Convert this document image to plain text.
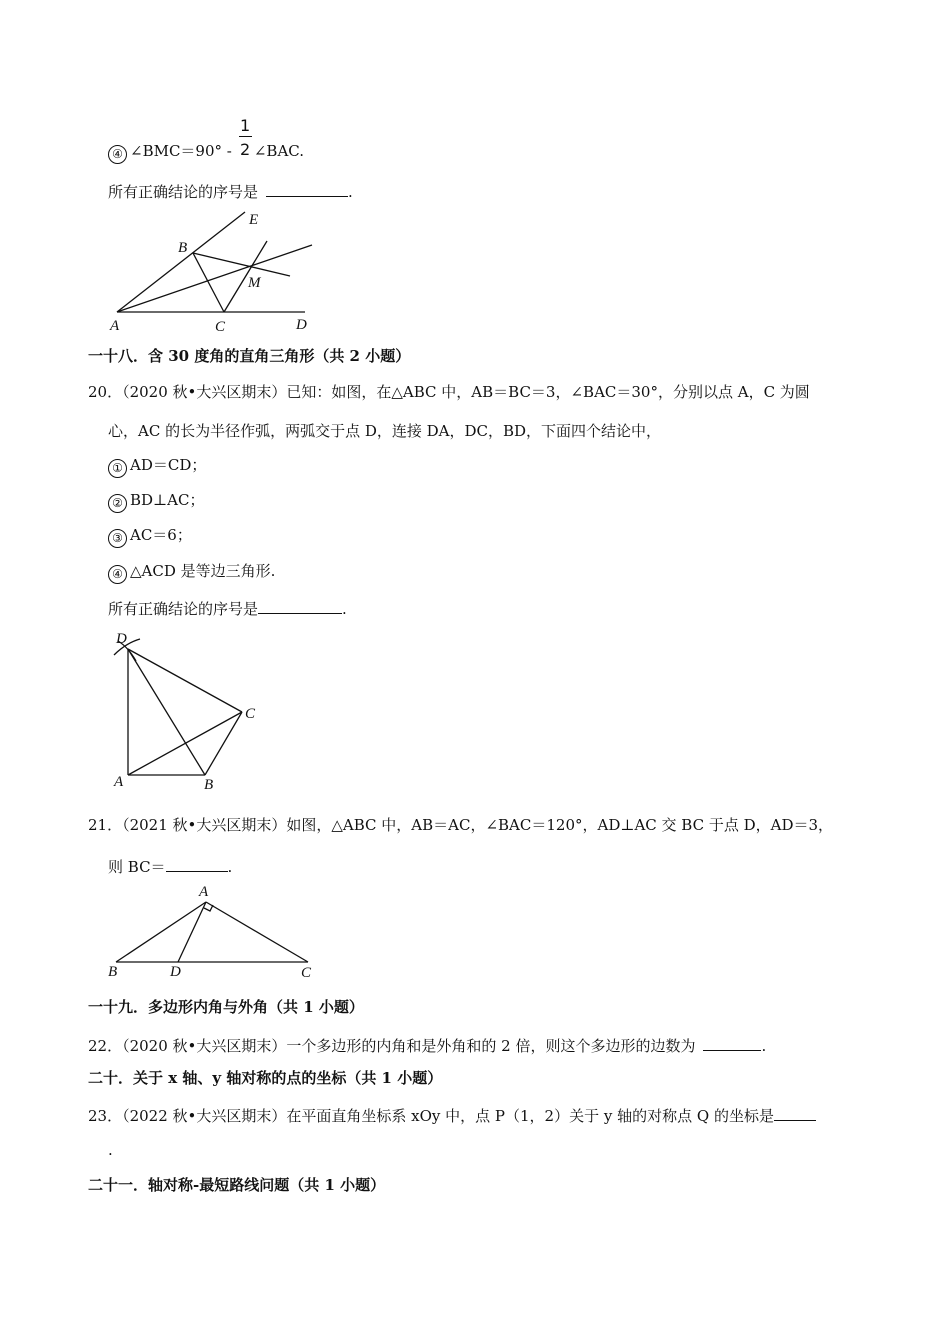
1
2
④ ∠BMC＝90° - ∠BAC.
所有正确结论的序号是	.
E
B
M
A	C	D
一十八．含 30 度角的直角三角形（共 2 小题）
20．（2020 秋•大兴区期末）已知：如图，在△ABC 中，AB＝BC＝3，∠BAC＝30°，分别以点 A，C 为圆
心，AC 的长为半径作弧，两弧交于点 D，连接 DA，DC，BD，下面四个结论中，
① AD＝CD；
② BD⊥AC；
③ AC＝6；
④ △ACD 是等边三角形.
所有正确结论的序号是	.
D
C
A	B
21．（2021 秋•大兴区期末）如图，△ABC 中，AB＝AC，∠BAC＝120°，AD⊥AC 交 BC 于点 D，AD＝3，
则 BC＝	.
A
B	D	C
一十九．多边形内角与外角（共 1 小题）
22．（2020 秋•大兴区期末）一个多边形的内角和是外角和的 2 倍，则这个多边形的边数为	.
二十．关于 x 轴、y 轴对称的点的坐标（共 1 小题）
23．（2022 秋•大兴区期末）在平面直角坐标系 xOy 中，点 P（1，2）关于 y 轴的对称点 Q 的坐标是
.
二十一．轴对称-最短路线问题（共 1 小题）
